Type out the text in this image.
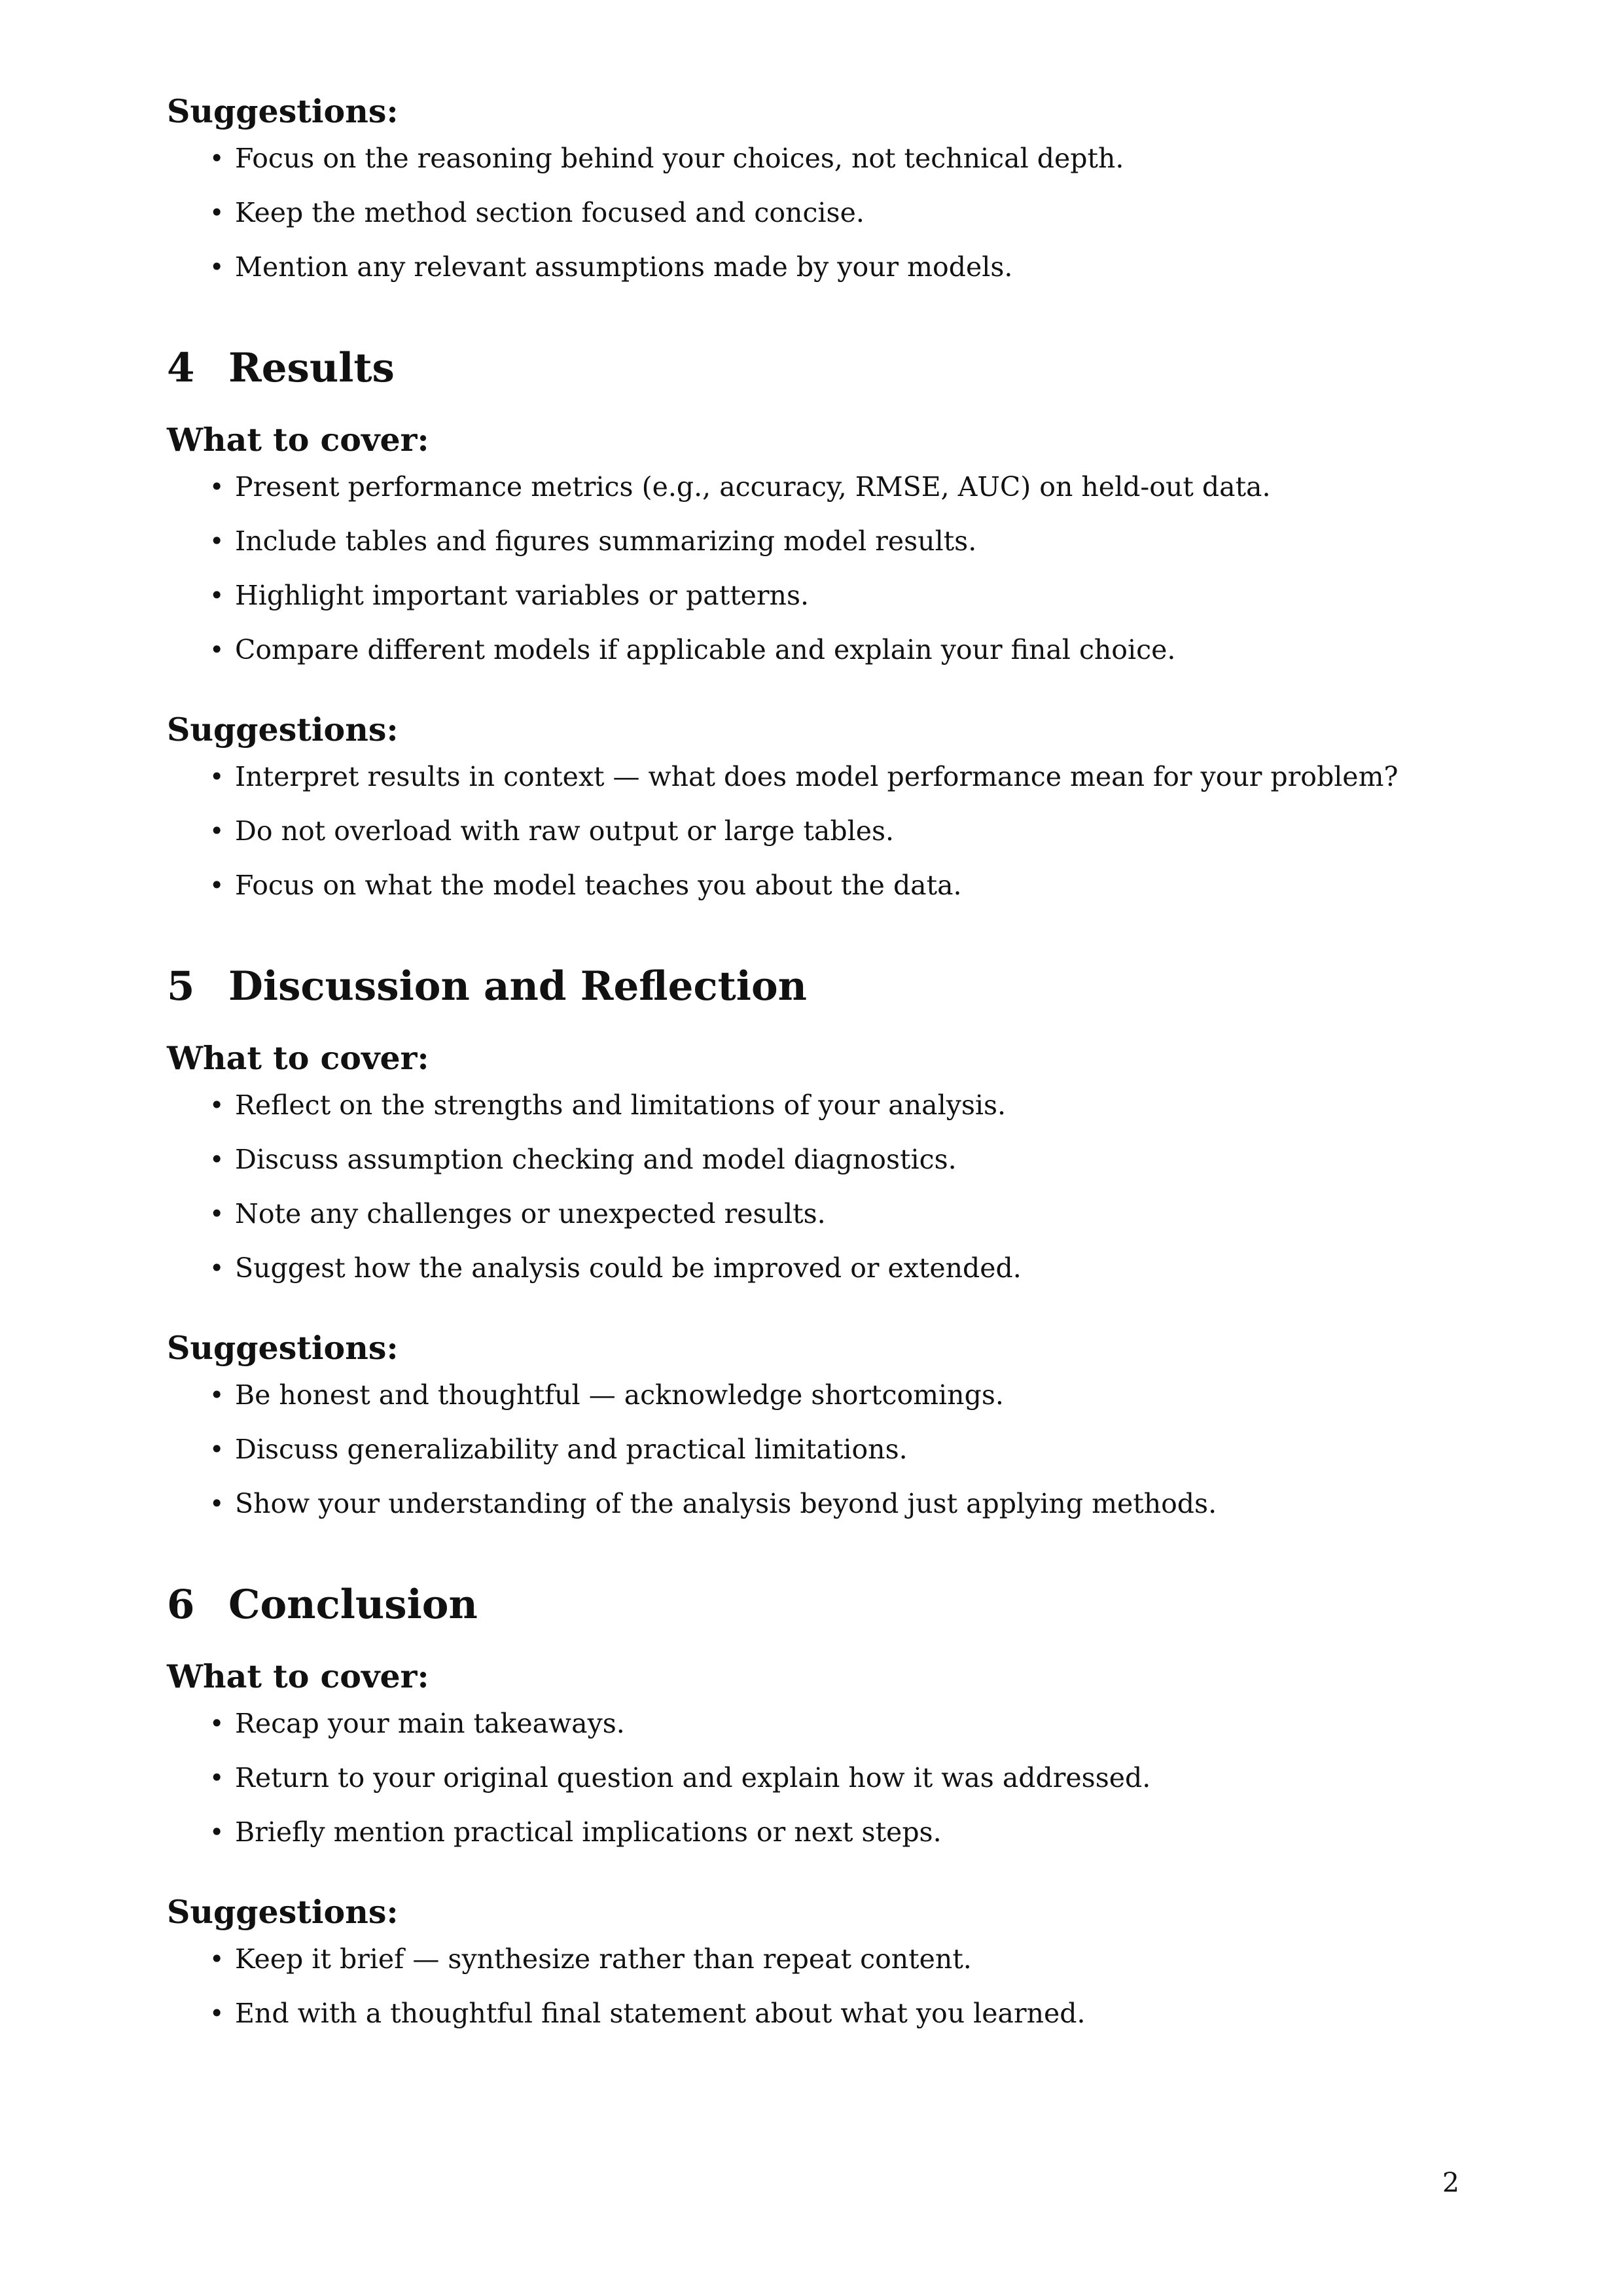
Suggestions:
• Focus on the reasoning behind your choices, not technical depth.
• Keep the method section focused and concise.
• Mention any relevant assumptions made by your models.
4 Results
What to cover:
• Present performance metrics (e.g., accuracy, RMSE, AUC) on held-out data.
• Include tables and figures summarizing model results.
• Highlight important variables or patterns.
• Compare different models if applicable and explain your final choice.
Suggestions:
• Interpret results in context — what does model performance mean for your problem?
• Do not overload with raw output or large tables.
• Focus on what the model teaches you about the data.
5 Discussion and Reflection
What to cover:
• Reflect on the strengths and limitations of your analysis.
• Discuss assumption checking and model diagnostics.
• Note any challenges or unexpected results.
• Suggest how the analysis could be improved or extended.
Suggestions:
• Be honest and thoughtful — acknowledge shortcomings.
• Discuss generalizability and practical limitations.
• Show your understanding of the analysis beyond just applying methods.
6 Conclusion
What to cover:
• Recap your main takeaways.
• Return to your original question and explain how it was addressed.
• Briefly mention practical implications or next steps.
Suggestions:
• Keep it brief — synthesize rather than repeat content.
• End with a thoughtful final statement about what you learned.
2
